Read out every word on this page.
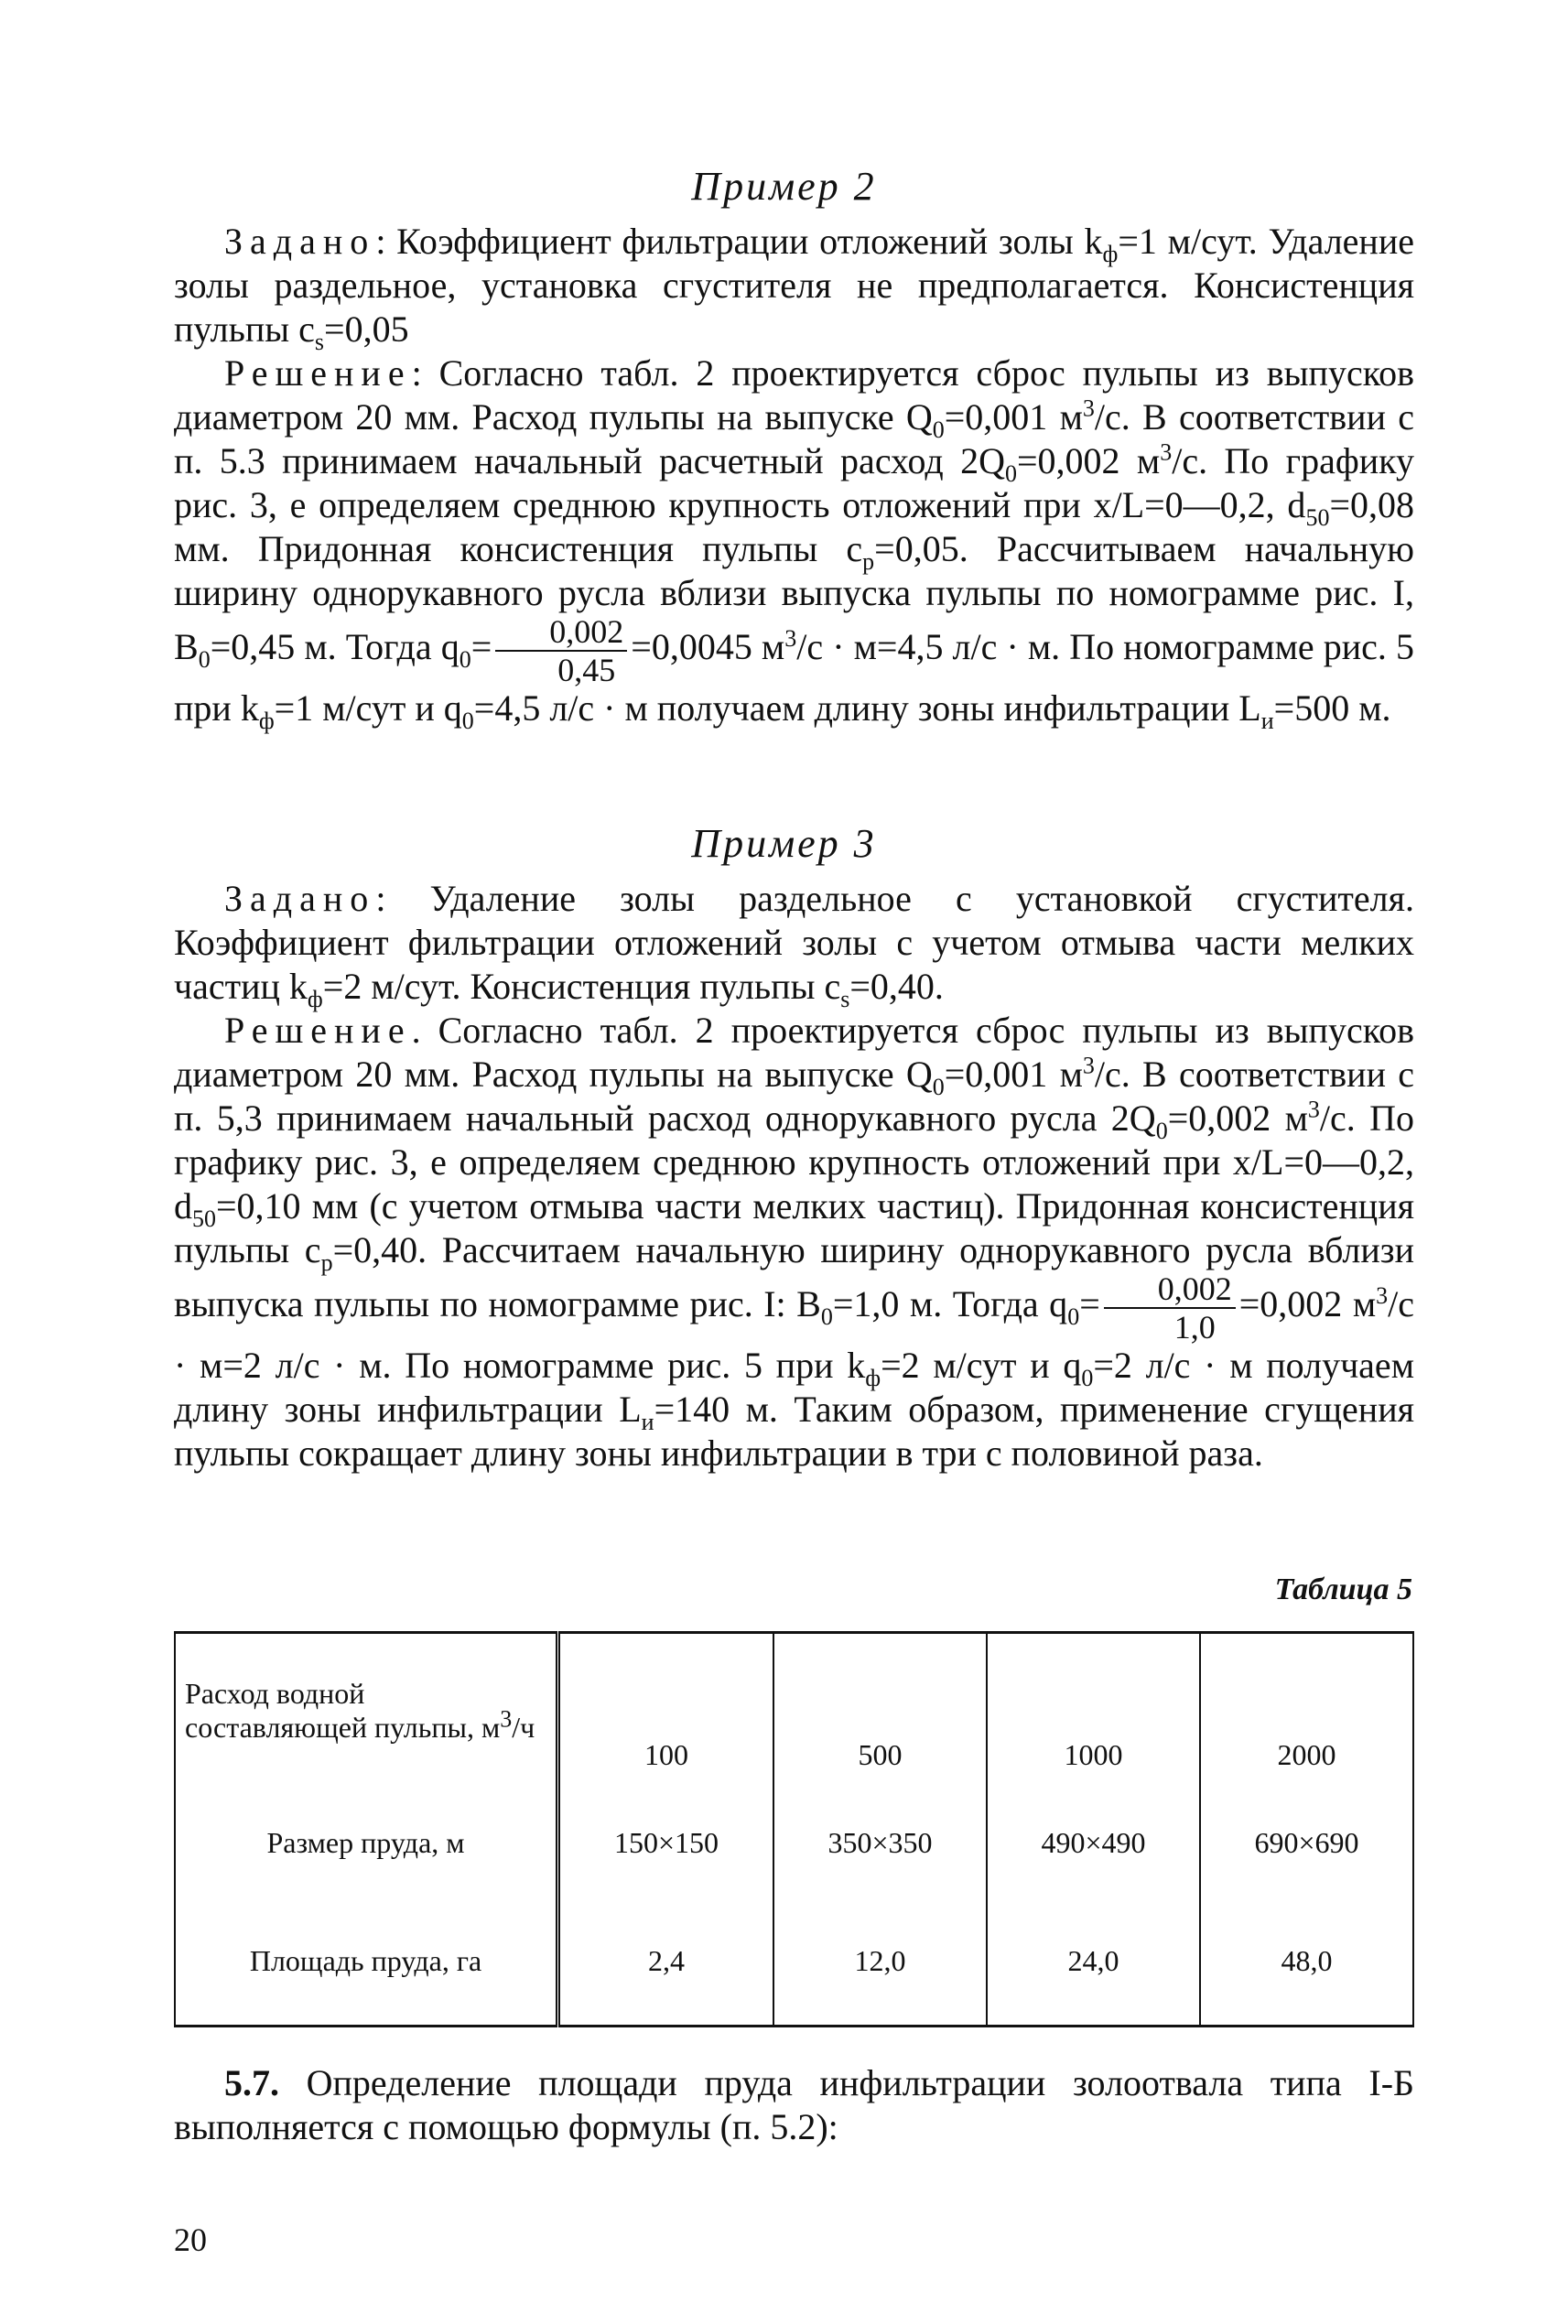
Пример 2

Задано: Коэффициент фильтрации отложений золы $k_ф=1$ м/сут. Удаление золы раздельное, установка сгустителя не предполагается. Консистенция пульпы $c_s=0,05$

Решение: Согласно табл. 2 проектируется сброс пульпы из выпусков диаметром 20 мм. Расход пульпы на выпуске $Q_0=0,001$ $м^3/с$. В соответствии с п. 5.3 принимаем начальный расчетный расход $2Q_0=0,002$ $м^3/с$. По графику рис. 3, е определяем среднюю крупность отложений при x/L=0—0,2, $d_{50}=0,08$ мм. Придонная консистенция пульпы $c_p=0,05$. Рассчитываем начальную ширину однорукавного русла вблизи выпуска пульпы по номограмме рис. I, $B_0=0,45$ м. Тогда $q_0= \frac{0,002}{0,45} =0,0045$ $м^3/с \cdot м=4,5$ л/с · м. По номограмме рис. 5 при $k_ф=1$ м/сут и $q_0=4,5$ л/с · м получаем длину зоны инфильтрации $L_и=500$ м.

Пример 3

Задано: Удаление золы раздельное с установкой сгустителя. Коэффициент фильтрации отложений золы с учетом отмыва части мелких частиц $k_ф=2$ м/сут. Консистенция пульпы $c_s=0,40$.

Решение. Согласно табл. 2 проектируется сброс пульпы из выпусков диаметром 20 мм. Расход пульпы на выпуске $Q_0=0,001$ $м^3/с$. В соответствии с п. 5,3 принимаем начальный расход однорукавного русла $2Q_0=0,002$ $м^3/с$. По графику рис. 3, е определяем среднюю крупность отложений при x/L=0—0,2, $d_{50}=0,10$ мм (с учетом отмыва части мелких частиц). Придонная консистенция пульпы $c_p=0,40$. Рассчитаем начальную ширину однорукавного русла вблизи выпуска пульпы по номограмме рис. I: $B_0=1,0$ м. Тогда $q_0= \frac{0,002}{1,0} =0,002$ $м^3/с \cdot м=2$ л/с · м. По номограмме рис. 5 при $k_ф=2$ м/сут и $q_0=2$ л/с · м получаем длину зоны инфильтрации $L_и=140$ м. Таким образом, применение сгущения пульпы сокращает длину зоны инфильтрации в три с половиной раза.

Таблица 5
Расход водной составляющей пульпы, $м^3/ч$	100	500	1000	2000
Размер пруда, м	150×150	350×350	490×490	690×690
Площадь пруда, га	2,4	12,0	24,0	48,0

5.7. Определение площади пруда инфильтрации золоотвала типа I-Б выполняется с помощью формулы (п. 5.2):

20
